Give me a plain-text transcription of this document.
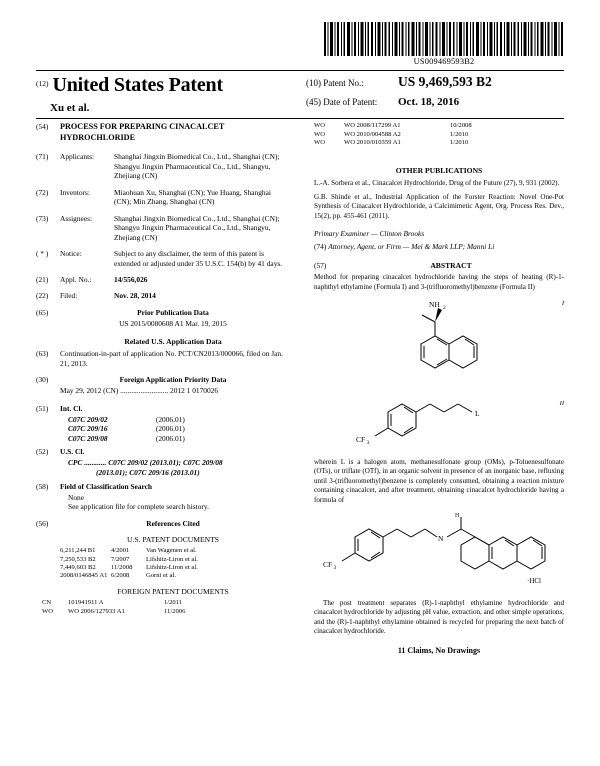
US009469593B2
(12) United States Patent
Xu et al.
(10) Patent No.:	US 9,469,593 B2
(45) Date of Patent:	Oct. 18, 2016
(54)	PROCESS FOR PREPARING CINACALCET HYDROCHLORIDE
(71)	Applicants:	Shanghai Jingxin Biomedical Co., Ltd., Shanghai (CN); Shangyu Jingxin Pharmaceutical Co., Ltd., Shangyu, Zhejiang (CN)
(72)	Inventors:	Miaohuan Xu, Shanghai (CN); Yue Huang, Shanghai (CN); Min Zhang, Shanghai (CN)
(73)	Assignees:	Shanghai Jingxin Biomedical Co., Ltd., Shanghai (CN); Shangyu Jingxin Pharmaceutical Co., Ltd., Shangyu, Zhejiang (CN)
( * )	Notice:	Subject to any disclaimer, the term of this patent is extended or adjusted under 35 U.S.C. 154(b) by 41 days.
(21)	Appl. No.:	14/556,026
(22)	Filed:	Nov. 28, 2014
(65)	Prior Publication Data
US 2015/0080608 A1 Mar. 19, 2015
Related U.S. Application Data
(63)	Continuation-in-part of application No. PCT/CN2013/000066, filed on Jan. 21, 2013.
(30)	Foreign Application Priority Data
May 29, 2012 (CN) .......................... 2012 1 0170026
(51)	Int. Cl.
C07C 209/02	(2006.01)
C07C 209/16	(2006.01)
C07C 209/08	(2006.01)
(52)	U.S. Cl.
CPC ............ C07C 209/02 (2013.01); C07C 209/08
(2013.01); C07C 209/16 (2013.01)
(58)	Field of Classification Search
None
See application file for complete search history.
(56)	References Cited
U.S. PATENT DOCUMENTS
6,211,244 B1	4/2001	Van Wagenen et al.
7,250,533 B2	7/2007	Lifshitz-Liron et al.
7,449,603 B2	11/2008	Lifshitz-Liron et al.
2008/0146845 A1	6/2008	Gorni et al.
FOREIGN PATENT DOCUMENTS
CN	101941911 A	1/2011
WO	WO 2006/127933 A1	11/2006
WO	WO 2008/117299 A1	10/2008
WO	WO 2010/004588 A2	1/2010
WO	WO 2010/010359 A1	1/2010
OTHER PUBLICATIONS
L.-A. Sorbera et al., Cinacalcet Hydrochloride, Drug of the Future (27), 9, 931 (2002).
G.B. Shinde et al., Industrial Application of the Forster Reaction: Novel One-Pot Synthesis of Cinacalcet Hydrochloride, a Calcimimetic Agent, Org. Process Res. Dev., 15(2), pp. 455-461 (2011).
Primary Examiner — Clinton Brooks
(74) Attorney, Agent, or Firm — Mei & Mark LLP; Manni Li
(57)	ABSTRACT
Method for preparing cinacalcet hydrochloride having the steps of heating (R)-1-naphthyl ethylamine (Formula I) and 3-(trifluoromethyl)benzene (Formula II)
I
NH 2
II
CF 3
L
wherein L is a halogen atom, methanesulfonate group (OMs), p-Toluenesulfonate (OTs), or triflate (OTf), in an organic solvent in presence of an inorganic base, refluxing until 3-(trifluoromethyl)benzene is completely consumed, obtaining a reaction mixture containing cinacalcet, and after treatment, obtaining cinacalcet hydrochloride having a formula of
CF 3
N
H
·HCl
The post treatment separates (R)-1-naphthyl ethylamine hydrochloride and cinacalcet hydrochloride by adjusting pH value, extraction, and other simple operations, and the (R)-1-naphthyl ethylamine obtained is recycled for preparing the next batch of cinacalcet hydrochloride.
11 Claims, No Drawings
